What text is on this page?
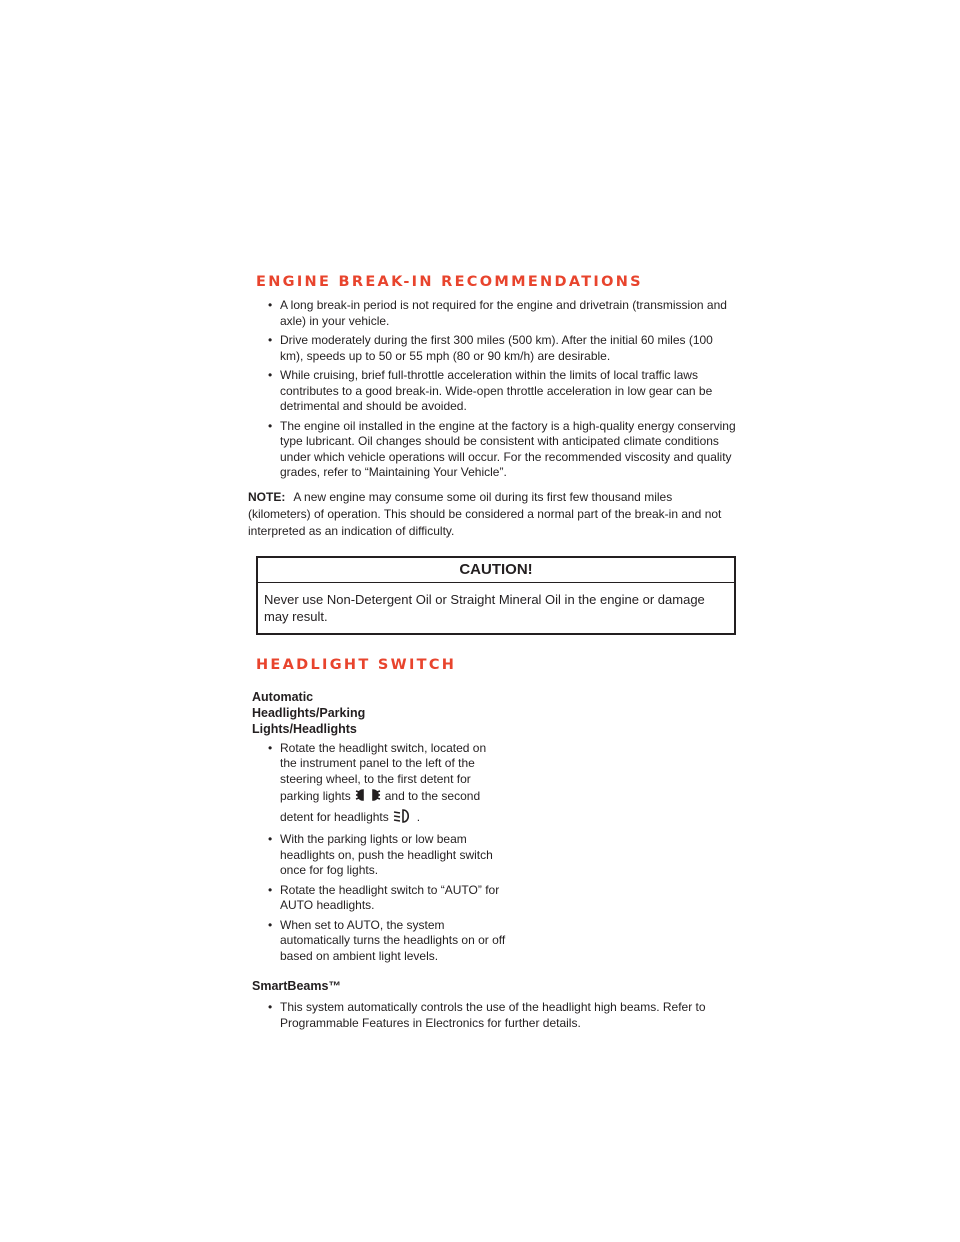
ENGINE BREAK-IN RECOMMENDATIONS
• A long break-in period is not required for the engine and drivetrain (transmission and axle) in your vehicle.
• Drive moderately during the first 300 miles (500 km). After the initial 60 miles (100 km), speeds up to 50 or 55 mph (80 or 90 km/h) are desirable.
• While cruising, brief full-throttle acceleration within the limits of local traffic laws contributes to a good break-in. Wide-open throttle acceleration in low gear can be detrimental and should be avoided.
• The engine oil installed in the engine at the factory is a high-quality energy conserving type lubricant. Oil changes should be consistent with anticipated climate conditions under which vehicle operations will occur. For the recommended viscosity and quality grades, refer to “Maintaining Your Vehicle”.

NOTE: A new engine may consume some oil during its first few thousand miles (kilometers) of operation. This should be considered a normal part of the break-in and not interpreted as an indication of difficulty.

CAUTION!
Never use Non-Detergent Oil or Straight Mineral Oil in the engine or damage may result.
HEADLIGHT SWITCH
Automatic Headlights/Parking Lights/Headlights
• Rotate the headlight switch, located on the instrument panel to the left of the steering wheel, to the first detent for parking lights	and to the second detent for headlights .
• With the parking lights or low beam headlights on, push the headlight switch once for fog lights.
• Rotate the headlight switch to “AUTO” for AUTO headlights.
• When set to AUTO, the system automatically turns the headlights on or off based on ambient light levels.
SmartBeams™
• This system automatically controls the use of the headlight high beams. Refer to Programmable Features in Electronics for further details.
